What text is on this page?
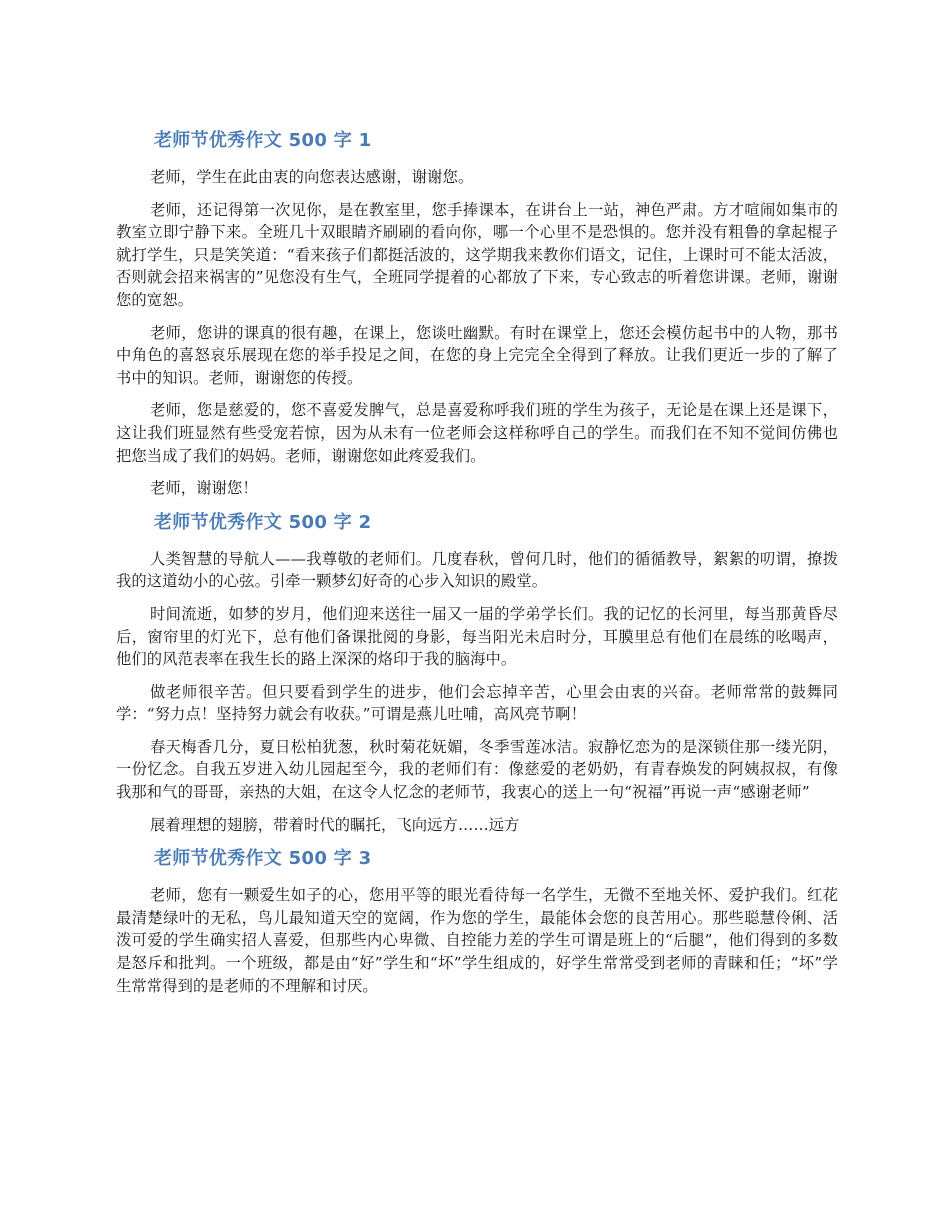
老师节优秀作文 500 字 1

老师，学生在此由衷的向您表达感谢，谢谢您。

老师，还记得第一次见你，是在教室里，您手捧课本，在讲台上一站，神色严肃。方才喧闹如集市的教室立即宁静下来。全班几十双眼睛齐刷刷的看向你，哪一个心里不是恐惧的。您并没有粗鲁的拿起棍子就打学生，只是笑笑道：“看来孩子们都挺活波的，这学期我来教你们语文，记住，上课时可不能太活波，否则就会招来祸害的”见您没有生气，全班同学提着的心都放了下来，专心致志的听着您讲课。老师，谢谢您的宽恕。

老师，您讲的课真的很有趣，在课上，您谈吐幽默。有时在课堂上，您还会模仿起书中的人物，那书中角色的喜怒哀乐展现在您的举手投足之间，在您的身上完完全全得到了释放。让我们更近一步的了解了书中的知识。老师，谢谢您的传授。

老师，您是慈爱的，您不喜爱发脾气，总是喜爱称呼我们班的学生为孩子，无论是在课上还是课下，这让我们班显然有些受宠若惊，因为从未有一位老师会这样称呼自己的学生。而我们在不知不觉间仿佛也把您当成了我们的妈妈。老师，谢谢您如此疼爱我们。

老师，谢谢您！

老师节优秀作文 500 字 2

人类智慧的导航人——我尊敬的老师们。几度春秋，曾何几时，他们的循循教导，絮絮的叨谓，撩拨我的这道幼小的心弦。引牵一颗梦幻好奇的心步入知识的殿堂。

时间流逝，如梦的岁月，他们迎来送往一届又一届的学弟学长们。我的记忆的长河里，每当那黄昏尽后，窗帘里的灯光下，总有他们备课批阅的身影，每当阳光未启时分，耳膜里总有他们在晨练的吆喝声，他们的风范表率在我生长的路上深深的烙印于我的脑海中。

做老师很辛苦。但只要看到学生的进步，他们会忘掉辛苦，心里会由衷的兴奋。老师常常的鼓舞同学：“努力点！坚持努力就会有收获。”可谓是燕儿吐哺，高风亮节啊！

春天梅香几分，夏日松柏犹葱，秋时菊花妩媚，冬季雪莲冰洁。寂静忆恋为的是深锁住那一缕光阴，一份忆念。自我五岁进入幼儿园起至今，我的老师们有：像慈爱的老奶奶，有青春焕发的阿姨叔叔，有像我那和气的哥哥，亲热的大姐，在这令人忆念的老师节，我衷心的送上一句“祝福”再说一声“感谢老师”

展着理想的翅膀，带着时代的瞩托，飞向远方……远方

老师节优秀作文 500 字 3

老师，您有一颗爱生如子的心，您用平等的眼光看待每一名学生，无微不至地关怀、爱护我们。红花最清楚绿叶的无私，鸟儿最知道天空的宽阔，作为您的学生，最能体会您的良苦用心。那些聪慧伶俐、活泼可爱的学生确实招人喜爱，但那些内心卑微、自控能力差的学生可谓是班上的“后腿”，他们得到的多数是怒斥和批判。一个班级，都是由“好”学生和“坏”学生组成的，好学生常常受到老师的青睐和任；“坏”学生常常得到的是老师的不理解和讨厌。
